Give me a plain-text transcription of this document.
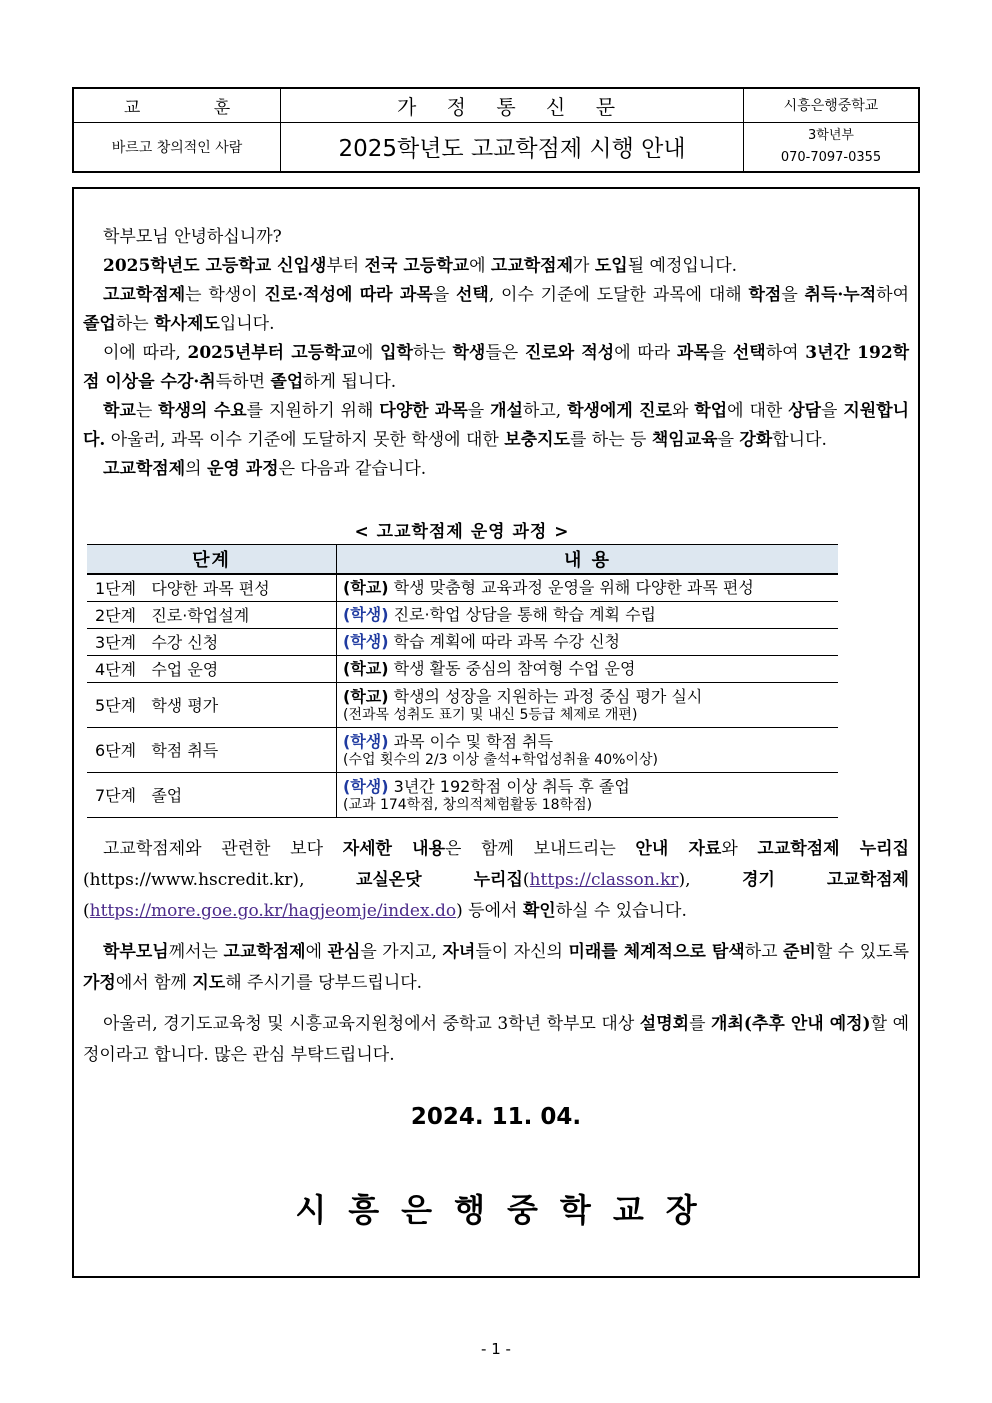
교 훈	가 정 통 신 문	시흥은행중학교
바르고 창의적인 사람	2025학년도 고교학점제 시행 안내	3학년부
070-7097-0355

학부모님 안녕하십니까?

2025학년도 고등학교 신입생부터 전국 고등학교에 고교학점제가 도입될 예정입니다.

고교학점제는 학생이 진로·적성에 따라 과목을 선택, 이수 기준에 도달한 과목에 대해 학점을 취득·누적하여 졸업하는 학사제도입니다.

이에 따라, 2025년부터 고등학교에 입학하는 학생들은 진로와 적성에 따라 과목을 선택하여 3년간 192학점 이상을 수강·취득하면 졸업하게 됩니다.

학교는 학생의 수요를 지원하기 위해 다양한 과목을 개설하고, 학생에게 진로와 학업에 대한 상담을 지원합니다. 아울러, 과목 이수 기준에 도달하지 못한 학생에 대한 보충지도를 하는 등 책임교육을 강화합니다.

고교학점제의 운영 과정은 다음과 같습니다.

< 고교학점제 운영 과정 >
단계	내 용
1단계   다양한 과목 편성	(학교) 학생 맞춤형 교육과정 운영을 위해 다양한 과목 편성

2단계   진로·학업설계	(학생) 진로·학업 상담을 통해 학습 계획 수립

3단계   수강 신청	(학생) 학습 계획에 따라 과목 수강 신청

4단계   수업 운영	(학교) 학생 활동 중심의 참여형 수업 운영

5단계   학생 평가	(학교) 학생의 성장을 지원하는 과정 중심 평가 실시
(전과목 성취도 표기 및 내신 5등급 체제로 개편)

6단계   학점 취득	(학생) 과목 이수 및 학점 취득
(수업 횟수의 2/3 이상 출석+학업성취율 40%이상)

7단계   졸업	(학생) 3년간 192학점 이상 취득 후 졸업
(교과 174학점, 창의적체험활동 18학점)

고교학점제와 관련한 보다 자세한 내용은 함께 보내드리는 안내 자료와 고교학점제 누리집(https://www.hscredit.kr), 교실온닷 누리집(https://classon.kr), 경기 고교학점제 (https://more.goe.go.kr/hagjeomje/index.do) 등에서 확인하실 수 있습니다.

학부모님께서는 고교학점제에 관심을 가지고, 자녀들이 자신의 미래를 체계적으로 탐색하고 준비할 수 있도록 가정에서 함께 지도해 주시기를 당부드립니다.

아울러, 경기도교육청 및 시흥교육지원청에서 중학교 3학년 학부모 대상 설명회를 개최(추후 안내 예정)할 예정이라고 합니다. 많은 관심 부탁드립니다.

2024. 11. 04.
시흥은행중학교장
- 1 -
